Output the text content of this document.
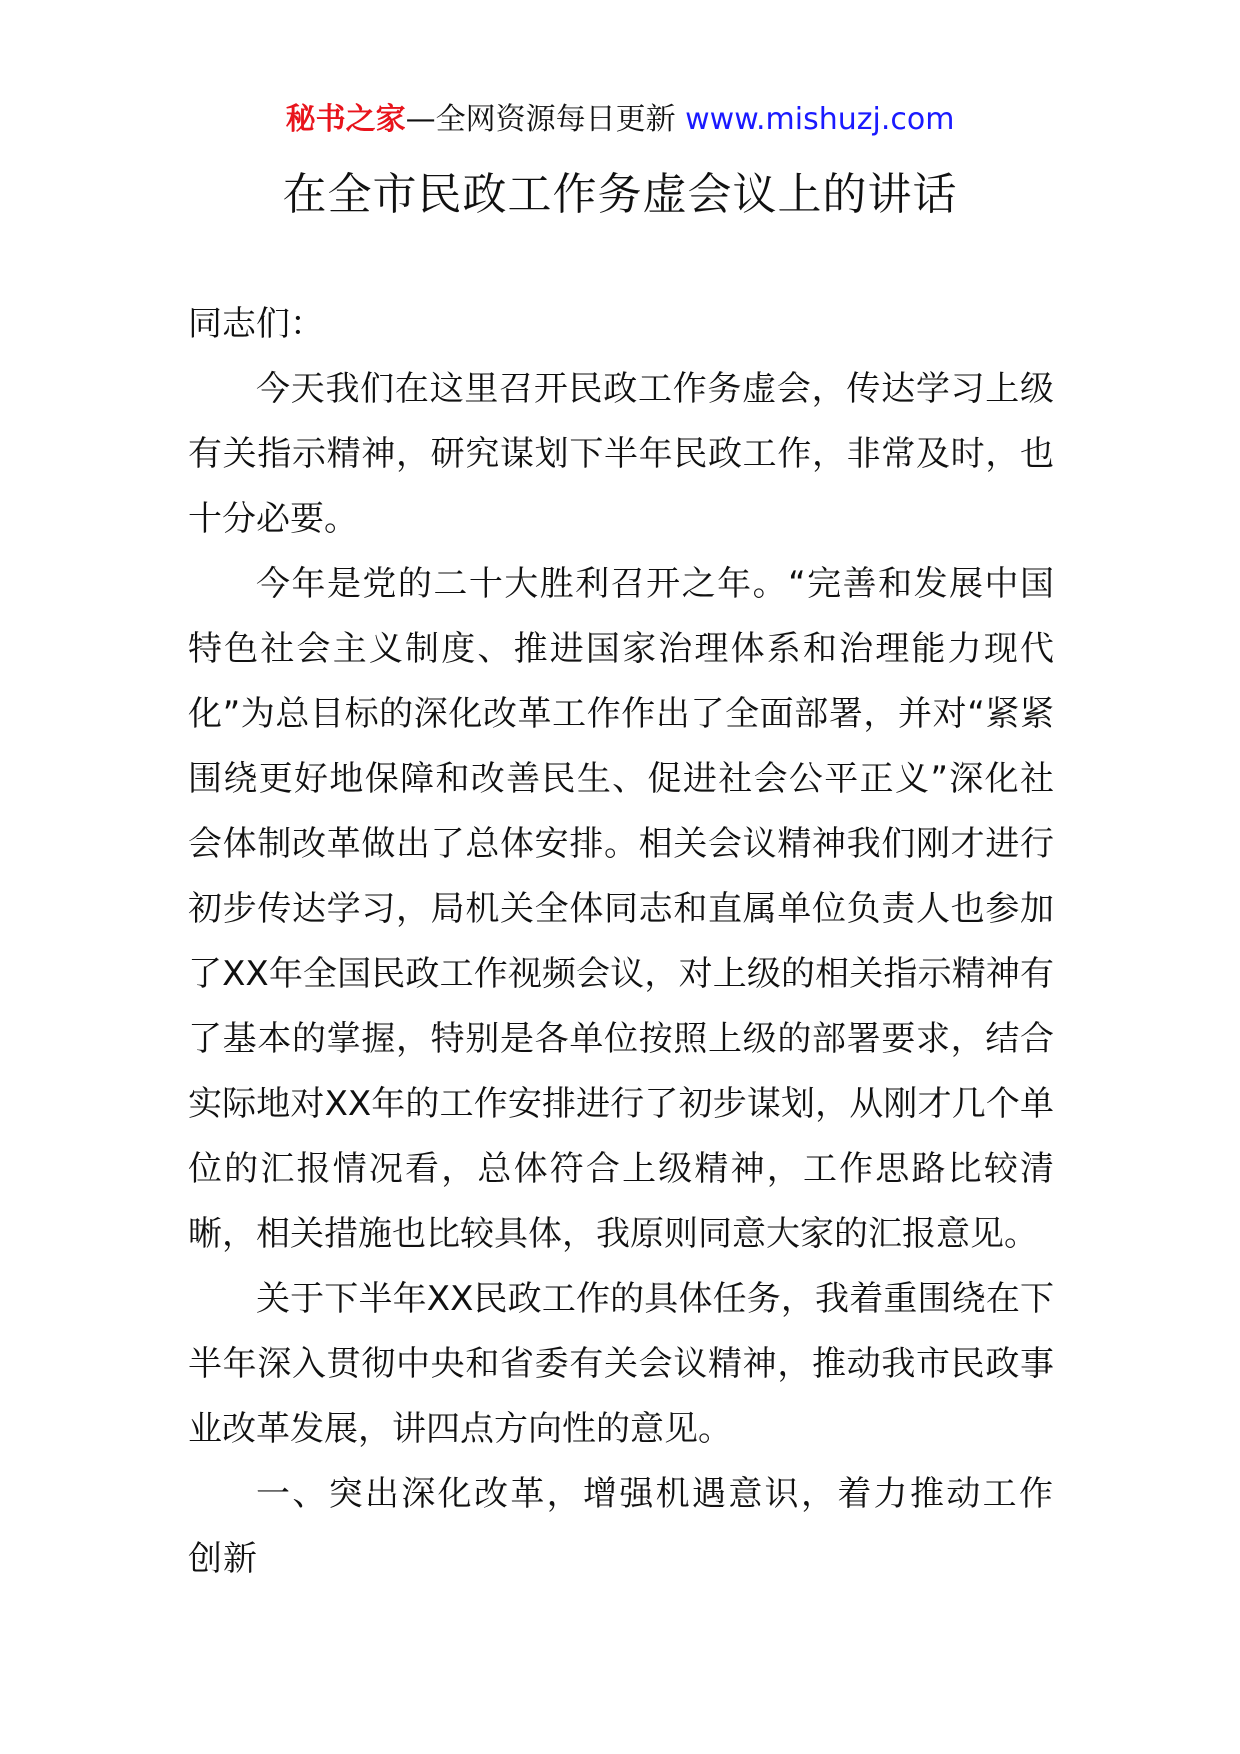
秘书之家—全网资源每日更新 www.mishuzj.com
在全市民政工作务虚会议上的讲话

同志们：

今天我们在这里召开民政工作务虚会，传达学习上级有关指示精神，研究谋划下半年民政工作，非常及时，也十分必要。

今年是党的二十大胜利召开之年。“完善和发展中国特色社会主义制度、推进国家治理体系和治理能力现代化”为总目标的深化改革工作作出了全面部署，并对“紧紧围绕更好地保障和改善民生、促进社会公平正义”深化社会体制改革做出了总体安排。相关会议精神我们刚才进行初步传达学习，局机关全体同志和直属单位负责人也参加了XX年全国民政工作视频会议，对上级的相关指示精神有了基本的掌握，特别是各单位按照上级的部署要求，结合实际地对XX年的工作安排进行了初步谋划，从刚才几个单位的汇报情况看，总体符合上级精神，工作思路比较清晰，相关措施也比较具体，我原则同意大家的汇报意见。

关于下半年XX民政工作的具体任务，我着重围绕在下半年深入贯彻中央和省委有关会议精神，推动我市民政事业改革发展，讲四点方向性的意见。

一、突出深化改革，增强机遇意识，着力推动工作创新
